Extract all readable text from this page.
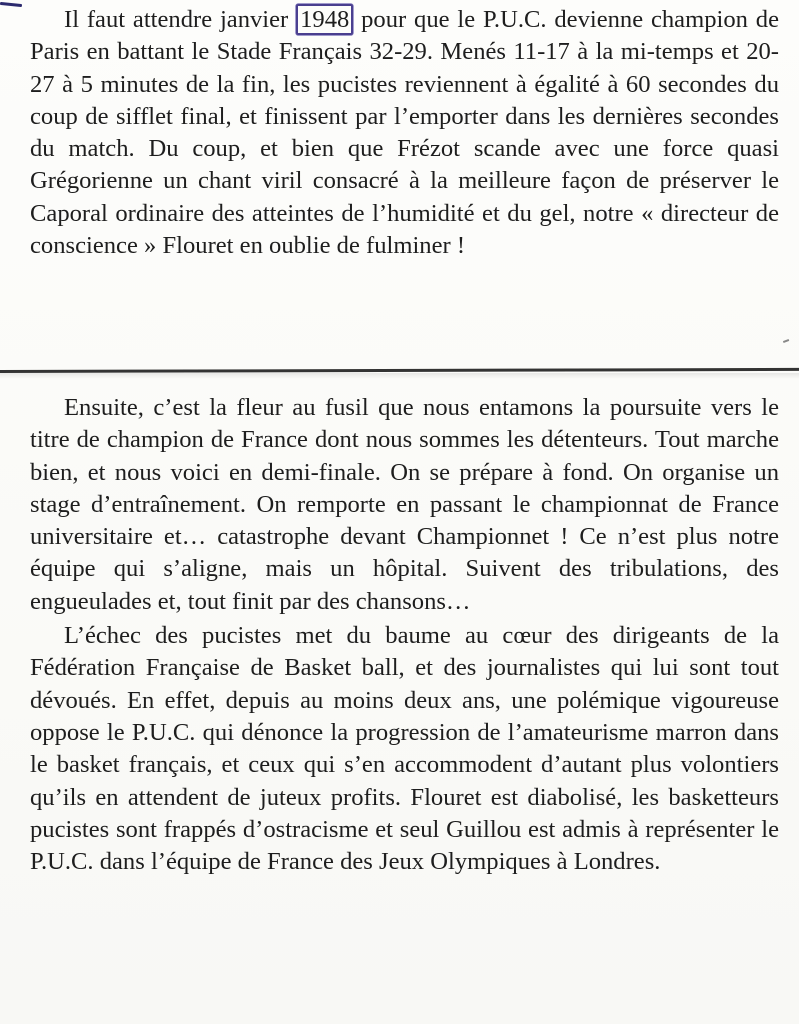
Il faut attendre janvier 1948 pour que le P.U.C. devienne champion de Paris en battant le Stade Français 32-29. Menés 11-17 à la mi-temps et 20-27 à 5 minutes de la fin, les pucistes reviennent à égalité à 60 secondes du coup de sifflet final, et finissent par l’emporter dans les dernières secondes du match. Du coup, et bien que Frézot scande avec une force quasi Grégorienne un chant viril consacré à la meilleure façon de préserver le Caporal ordinaire des atteintes de l’humidité et du gel, notre « directeur de conscience » Flouret en oublie de fulminer !

Ensuite, c’est la fleur au fusil que nous entamons la poursuite vers le titre de champion de France dont nous sommes les détenteurs. Tout marche bien, et nous voici en demi-finale. On se prépare à fond. On organise un stage d’entraînement. On remporte en passant le championnat de France universitaire et… catastrophe devant Championnet ! Ce n’est plus notre équipe qui s’aligne, mais un hôpital. Suivent des tribulations, des engueulades et, tout finit par des chansons…

L’échec des pucistes met du baume au cœur des dirigeants de la Fédération Française de Basket ball, et des journalistes qui lui sont tout dévoués. En effet, depuis au moins deux ans, une polémique vigoureuse oppose le P.U.C. qui dénonce la progression de l’amateurisme marron dans le basket français, et ceux qui s’en accommodent d’autant plus volontiers qu’ils en attendent de juteux profits. Flouret est diabolisé, les basketteurs pucistes sont frappés d’ostracisme et seul Guillou est admis à représenter le P.U.C. dans l’équipe de France des Jeux Olympiques à Londres.
